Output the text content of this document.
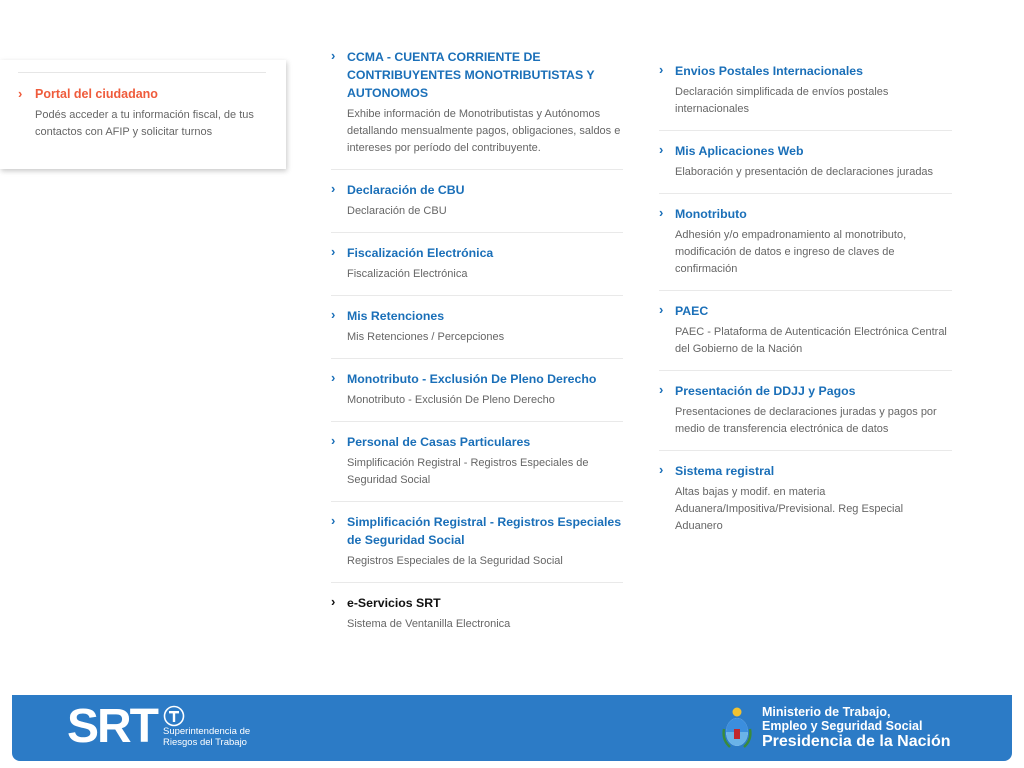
›	Portal del ciudadano
Podés acceder a tu información fiscal, de tus contactos con AFIP y solicitar turnos
› CCMA - CUENTA CORRIENTE DE CONTRIBUYENTES MONOTRIBUTISTAS Y AUTONOMOS
Exhibe información de Monotributistas y Autónomos detallando mensualmente pagos, obligaciones, saldos e intereses por período del contribuyente.
› Declaración de CBU
Declaración de CBU
› Fiscalización Electrónica
Fiscalización Electrónica
› Mis Retenciones
Mis Retenciones / Percepciones
› Monotributo - Exclusión De Pleno Derecho
Monotributo - Exclusión De Pleno Derecho
› Personal de Casas Particulares
Simplificación Registral - Registros Especiales de Seguridad Social
› Simplificación Registral - Registros Especiales de Seguridad Social
Registros Especiales de la Seguridad Social
› e-Servicios SRT
Sistema de Ventanilla Electronica
› Envios Postales Internacionales
Declaración simplificada de envíos postales internacionales
› Mis Aplicaciones Web
Elaboración y presentación de declaraciones juradas
› Monotributo
Adhesión y/o empadronamiento al monotributo, modificación de datos e ingreso de claves de confirmación
› PAEC
PAEC - Plataforma de Autenticación Electrónica Central del Gobierno de la Nación
› Presentación de DDJJ y Pagos
Presentaciones de declaraciones juradas y pagos por medio de transferencia electrónica de datos
› Sistema registral
Altas bajas y modif. en materia Aduanera/Impositiva/Previsional. Reg Especial Aduanero
SRT Superintendencia de
Riesgos del Trabajo
Ministerio de Trabajo,
Empleo y Seguridad Social
Presidencia de la Nación
